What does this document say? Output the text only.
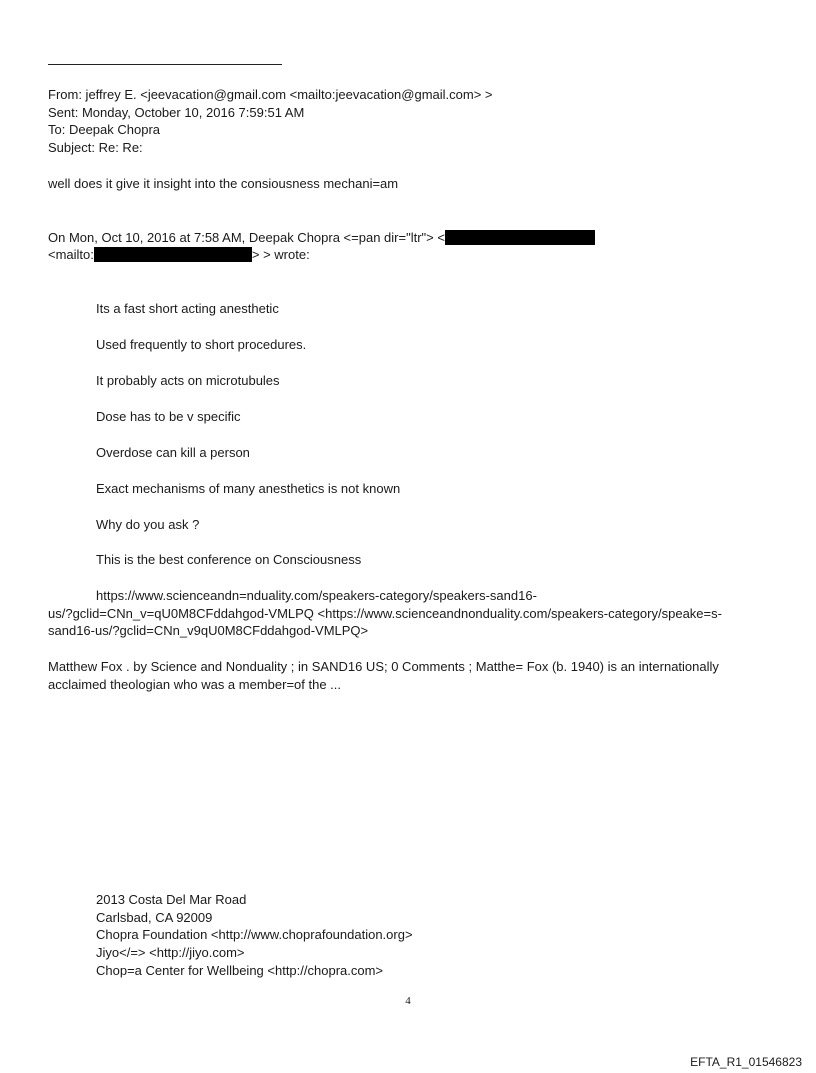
From: jeffrey E. <jeevacation@gmail.com <mailto:jeevacation@gmail.com> >
Sent: Monday, October 10, 2016 7:59:51 AM
To: Deepak Chopra
Subject: Re: Re:
well does it give it insight into the consiousness mechani=am
On Mon, Oct 10, 2016 at 7:58 AM, Deepak Chopra <=pan dir="ltr"> <
<mailto:	> > wrote:
Its a fast short acting anesthetic
Used frequently to short procedures.
It probably acts on microtubules
Dose has to be v specific
Overdose can kill a person
Exact mechanisms of many anesthetics is not known
Why do you ask ?
This is the best conference on Consciousness
https://www.scienceandn=nduality.com/speakers-category/speakers-sand16-
us/?gclid=CNn_v=qU0M8CFddahgod-VMLPQ <https://www.scienceandnonduality.com/speakers-category/speake=s-
sand16-us/?gclid=CNn_v9qU0M8CFddahgod-VMLPQ>
Matthew Fox . by Science and Nonduality ; in SAND16 US; 0 Comments ; Matthe= Fox (b. 1940) is an internationally
acclaimed theologian who was a member=of the ...
2013 Costa Del Mar Road
Carlsbad, CA 92009
Chopra Foundation <http://www.choprafoundation.org>
Jiyo</=> <http://jiyo.com>
Chop=a Center for Wellbeing <http://chopra.com>
4
EFTA_R1_01546823
